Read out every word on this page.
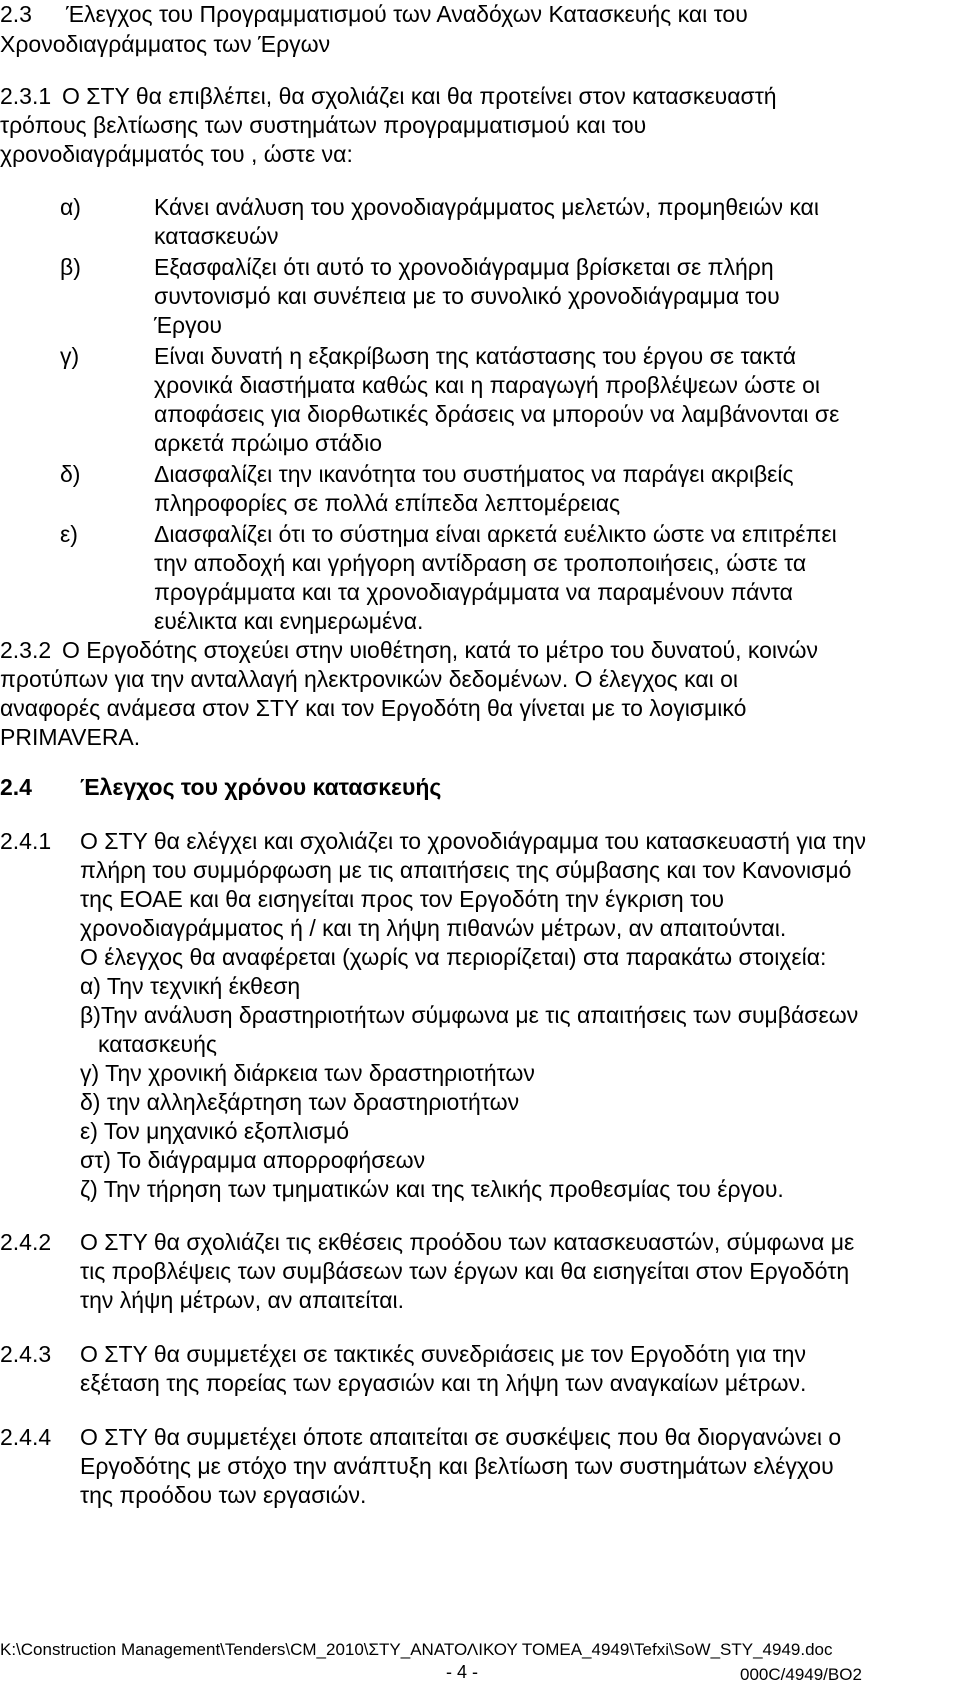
2.3 Έλεγχος του Προγραμματισμού των Αναδόχων Κατασκευής και του
Χρονοδιαγράμματος των Έργων
2.3.1 Ο ΣΤΥ θα επιβλέπει, θα σχολιάζει και θα προτείνει στον κατασκευαστή
τρόπους βελτίωσης των συστημάτων προγραμματισμού και του
χρονοδιαγράμματός του , ώστε να:
α)	Κάνει ανάλυση του χρονοδιαγράμματος μελετών, προμηθειών και
κατασκευών
β)	Εξασφαλίζει ότι αυτό το χρονοδιάγραμμα βρίσκεται σε πλήρη
συντονισμό και συνέπεια με το συνολικό χρονοδιάγραμμα του
Έργου
γ)	Είναι δυνατή η εξακρίβωση της κατάστασης του έργου σε τακτά
χρονικά διαστήματα καθώς και η παραγωγή προβλέψεων ώστε οι
αποφάσεις για διορθωτικές δράσεις να μπορούν να λαμβάνονται σε
αρκετά πρώιμο στάδιο
δ)	Διασφαλίζει την ικανότητα του συστήματος να παράγει ακριβείς
πληροφορίες σε πολλά επίπεδα λεπτομέρειας
ε)	Διασφαλίζει ότι το σύστημα είναι αρκετά ευέλικτο ώστε να επιτρέπει
την αποδοχή και γρήγορη αντίδραση σε τροποποιήσεις, ώστε τα
προγράμματα και τα χρονοδιαγράμματα να παραμένουν πάντα
ευέλικτα και ενημερωμένα.
2.3.2 Ο Εργοδότης στοχεύει στην υιοθέτηση, κατά το μέτρο του δυνατού, κοινών
προτύπων για την ανταλλαγή ηλεκτρονικών δεδομένων. Ο έλεγχος και οι
αναφορές ανάμεσα στον ΣΤΥ και τον Εργοδότη θα γίνεται με το λογισμικό
PRIMAVERA.
2.4 Έλεγχος του χρόνου κατασκευής
2.4.1 Ο ΣΤΥ θα ελέγχει και σχολιάζει το χρονοδιάγραμμα του κατασκευαστή για την
πλήρη του συμμόρφωση με τις απαιτήσεις της σύμβασης και τον Κανονισμό
της ΕΟΑΕ και θα εισηγείται προς τον Εργοδότη την έγκριση του
χρονοδιαγράμματος ή / και τη λήψη πιθανών μέτρων, αν απαιτούνται.
Ο έλεγχος θα αναφέρεται (χωρίς να περιορίζεται) στα παρακάτω στοιχεία:
α) Την τεχνική έκθεση
β)Την ανάλυση δραστηριοτήτων σύμφωνα με τις απαιτήσεις των συμβάσεων
κατασκευής
γ) Την χρονική διάρκεια των δραστηριοτήτων
δ) την αλληλεξάρτηση των δραστηριοτήτων
ε) Τον μηχανικό εξοπλισμό
στ) Το διάγραμμα απορροφήσεων
ζ) Την τήρηση των τμηματικών και της τελικής προθεσμίας του έργου.
2.4.2 Ο ΣΤΥ θα σχολιάζει τις εκθέσεις προόδου των κατασκευαστών, σύμφωνα με
τις προβλέψεις των συμβάσεων των έργων και θα εισηγείται στον Εργοδότη
την λήψη μέτρων, αν απαιτείται.
2.4.3 Ο ΣΤΥ θα συμμετέχει σε τακτικές συνεδριάσεις με τον Εργοδότη για την
εξέταση της πορείας των εργασιών και τη λήψη των αναγκαίων μέτρων.
2.4.4 Ο ΣΤΥ θα συμμετέχει όποτε απαιτείται σε συσκέψεις που θα διοργανώνει ο
Εργοδότης με στόχο την ανάπτυξη και βελτίωση των συστημάτων ελέγχου
της προόδου των εργασιών.
K:\Construction Management\Tenders\CM_2010\ΣΤΥ_ΑΝΑΤΟΛΙΚΟΥ ΤΟΜΕΑ_4949\Tefxi\SoW_STY_4949.doc
- 4 -	000C/4949/BO2
